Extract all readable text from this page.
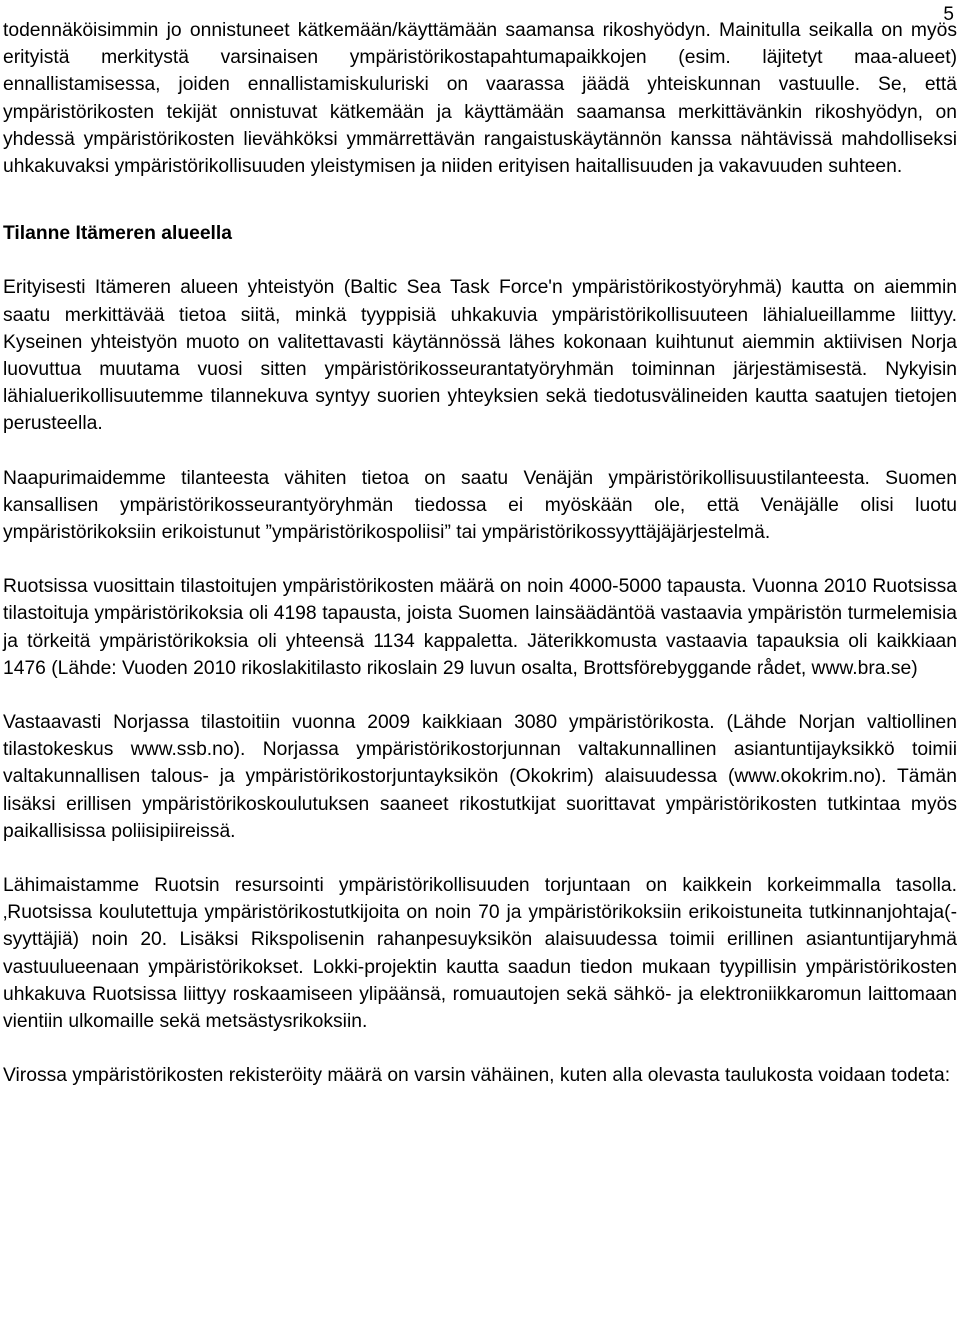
5

todennäköisimmin jo onnistuneet kätkemään/käyttämään saamansa rikoshyödyn. Mainitulla seikalla on myös erityistä merkitystä varsinaisen ympäristörikostapahtumapaikkojen (esim. läjitetyt maa-alueet) ennallistamisessa, joiden ennallistamiskuluriski on vaarassa jäädä yhteiskunnan vastuulle. Se, että ympäristörikosten tekijät onnistuvat kätkemään ja käyttämään saamansa merkittävänkin rikoshyödyn, on yhdessä ympäristörikosten lievähköksi ymmärrettävän rangaistuskäytännön kanssa nähtävissä mahdolliseksi uhkakuvaksi ympäristörikollisuuden yleistymisen ja niiden erityisen haitallisuuden ja vakavuuden suhteen.

Tilanne Itämeren alueella

Erityisesti Itämeren alueen yhteistyön (Baltic Sea Task Force'n ympäristörikostyöryhmä) kautta on aiemmin saatu merkittävää tietoa siitä, minkä tyyppisiä uhkakuvia ympäristörikollisuuteen lähialueillamme liittyy. Kyseinen yhteistyön muoto on valitettavasti käytännössä lähes kokonaan kuihtunut aiemmin aktiivisen Norja luovuttua muutama vuosi sitten ympäristörikosseurantatyöryhmän toiminnan järjestämisestä. Nykyisin lähialuerikollisuutemme tilannekuva syntyy suorien yhteyksien sekä tiedotusvälineiden kautta saatujen tietojen perusteella.

Naapurimaidemme tilanteesta vähiten tietoa on saatu Venäjän ympäristörikollisuustilanteesta. Suomen kansallisen ympäristörikosseurantyöryhmän tiedossa ei myöskään ole, että Venäjälle olisi luotu ympäristörikoksiin erikoistunut ”ympäristörikospoliisi” tai ympäristörikossyyttäjäjärjestelmä.

Ruotsissa vuosittain tilastoitujen ympäristörikosten määrä on noin 4000-5000 tapausta. Vuonna 2010 Ruotsissa tilastoituja ympäristörikoksia oli 4198 tapausta, joista Suomen lainsäädäntöä vastaavia ympäristön turmelemisia ja törkeitä ympäristörikoksia oli yhteensä 1134 kappaletta. Jäterikkomusta vastaavia tapauksia oli kaikkiaan 1476 (Lähde: Vuoden 2010 rikoslakitilasto rikoslain 29 luvun osalta, Brottsförebyggande rådet, www.bra.se)

Vastaavasti Norjassa tilastoitiin vuonna 2009 kaikkiaan 3080 ympäristörikosta. (Lähde Norjan valtiollinen tilastokeskus www.ssb.no). Norjassa ympäristörikostorjunnan valtakunnallinen asiantuntijayksikkö toimii valtakunnallisen talous- ja ympäristörikostorjuntayksikön (Okokrim) alaisuudessa (www.okokrim.no). Tämän lisäksi erillisen ympäristörikoskoulutuksen saaneet rikostutkijat suorittavat ympäristörikosten tutkintaa myös paikallisissa poliisipiireissä.

Lähimaistamme Ruotsin resursointi ympäristörikollisuuden torjuntaan on kaikkein korkeimmalla tasolla. ‚Ruotsissa koulutettuja ympäristörikostutkijoita on noin 70 ja ympäristörikoksiin erikoistuneita tutkinnanjohtaja(-syyttäjiä) noin 20. Lisäksi Rikspolisenin rahanpesuyksikön alaisuudessa toimii erillinen asiantuntijaryhmä vastuulueenaan ympäristörikokset. Lokki-projektin kautta saadun tiedon mukaan tyypillisin ympäristörikosten uhkakuva Ruotsissa liittyy roskaamiseen ylipäänsä, romuautojen sekä sähkö- ja elektroniikkaromun laittomaan vientiin ulkomaille sekä metsästysrikoksiin.

Virossa ympäristörikosten rekisteröity määrä on varsin vähäinen, kuten alla olevasta taulukosta voidaan todeta:
